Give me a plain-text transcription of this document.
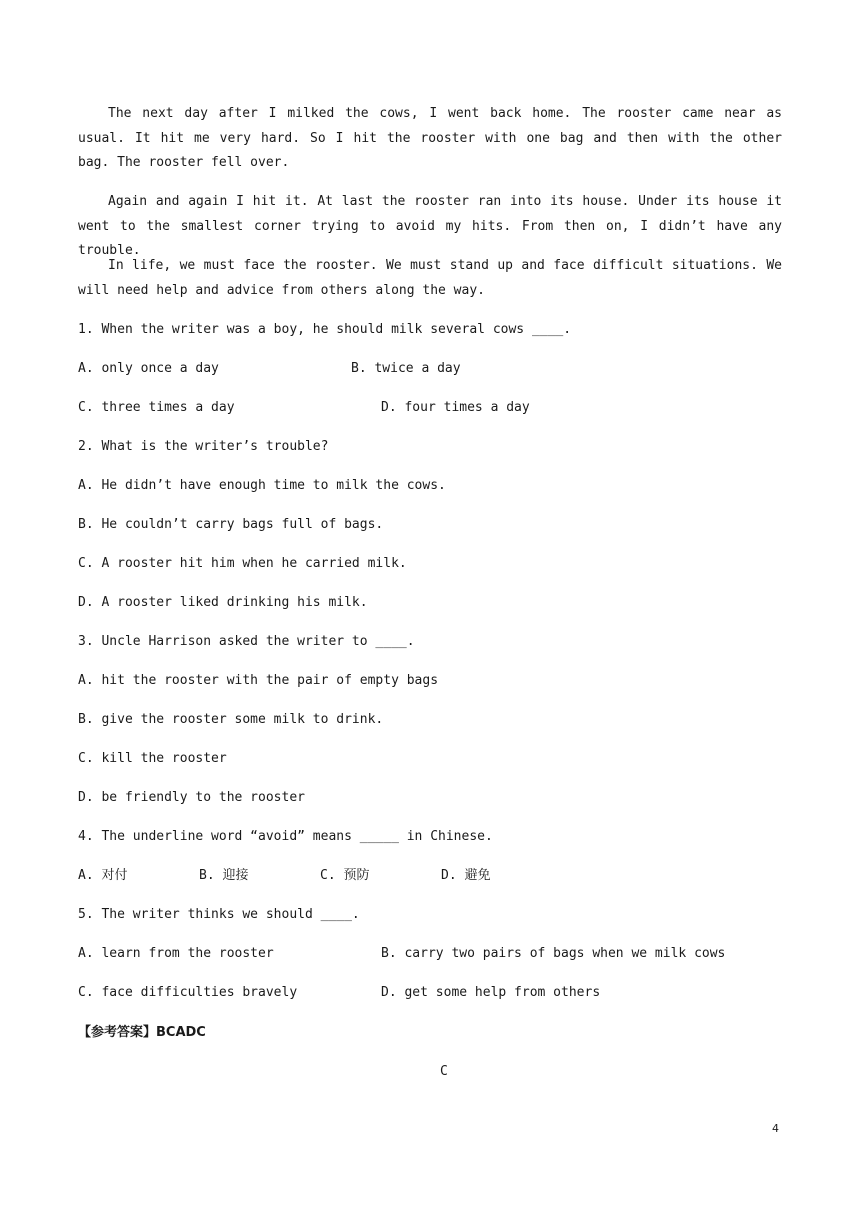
The next day after I milked the cows, I went back home. The rooster came near as usual. It hit me very hard. So I hit the rooster with one bag and then with the other bag. The rooster fell over.

Again and again I hit it. At last the rooster ran into its house. Under its house it went to the smallest corner trying to avoid my hits. From then on, I didn’t have any trouble.

In life, we must face the rooster. We must stand up and face difficult situations. We will need help and advice from others along the way.

1. When the writer was a boy, he should milk several cows ____.
A. only once a day	B. twice a day
C. three times a day	D. four times a day
2. What is the writer’s trouble?
A. He didn’t have enough time to milk the cows.
B. He couldn’t carry bags full of bags.
C. A rooster hit him when he carried milk.
D. A rooster liked drinking his milk.
3. Uncle Harrison asked the writer to ____.
A. hit the rooster with the pair of empty bags
B. give the rooster some milk to drink.
C. kill the rooster
D. be friendly to the rooster
4. The underline word “avoid” means _____ in Chinese.
A. 对付	B. 迎接	C. 预防	D. 避免
5. The writer thinks we should ____.
A. learn from the rooster	B. carry two pairs of bags when we milk cows
C. face difficulties bravely	D. get some help from others
【参考答案】BCADC
C
4
